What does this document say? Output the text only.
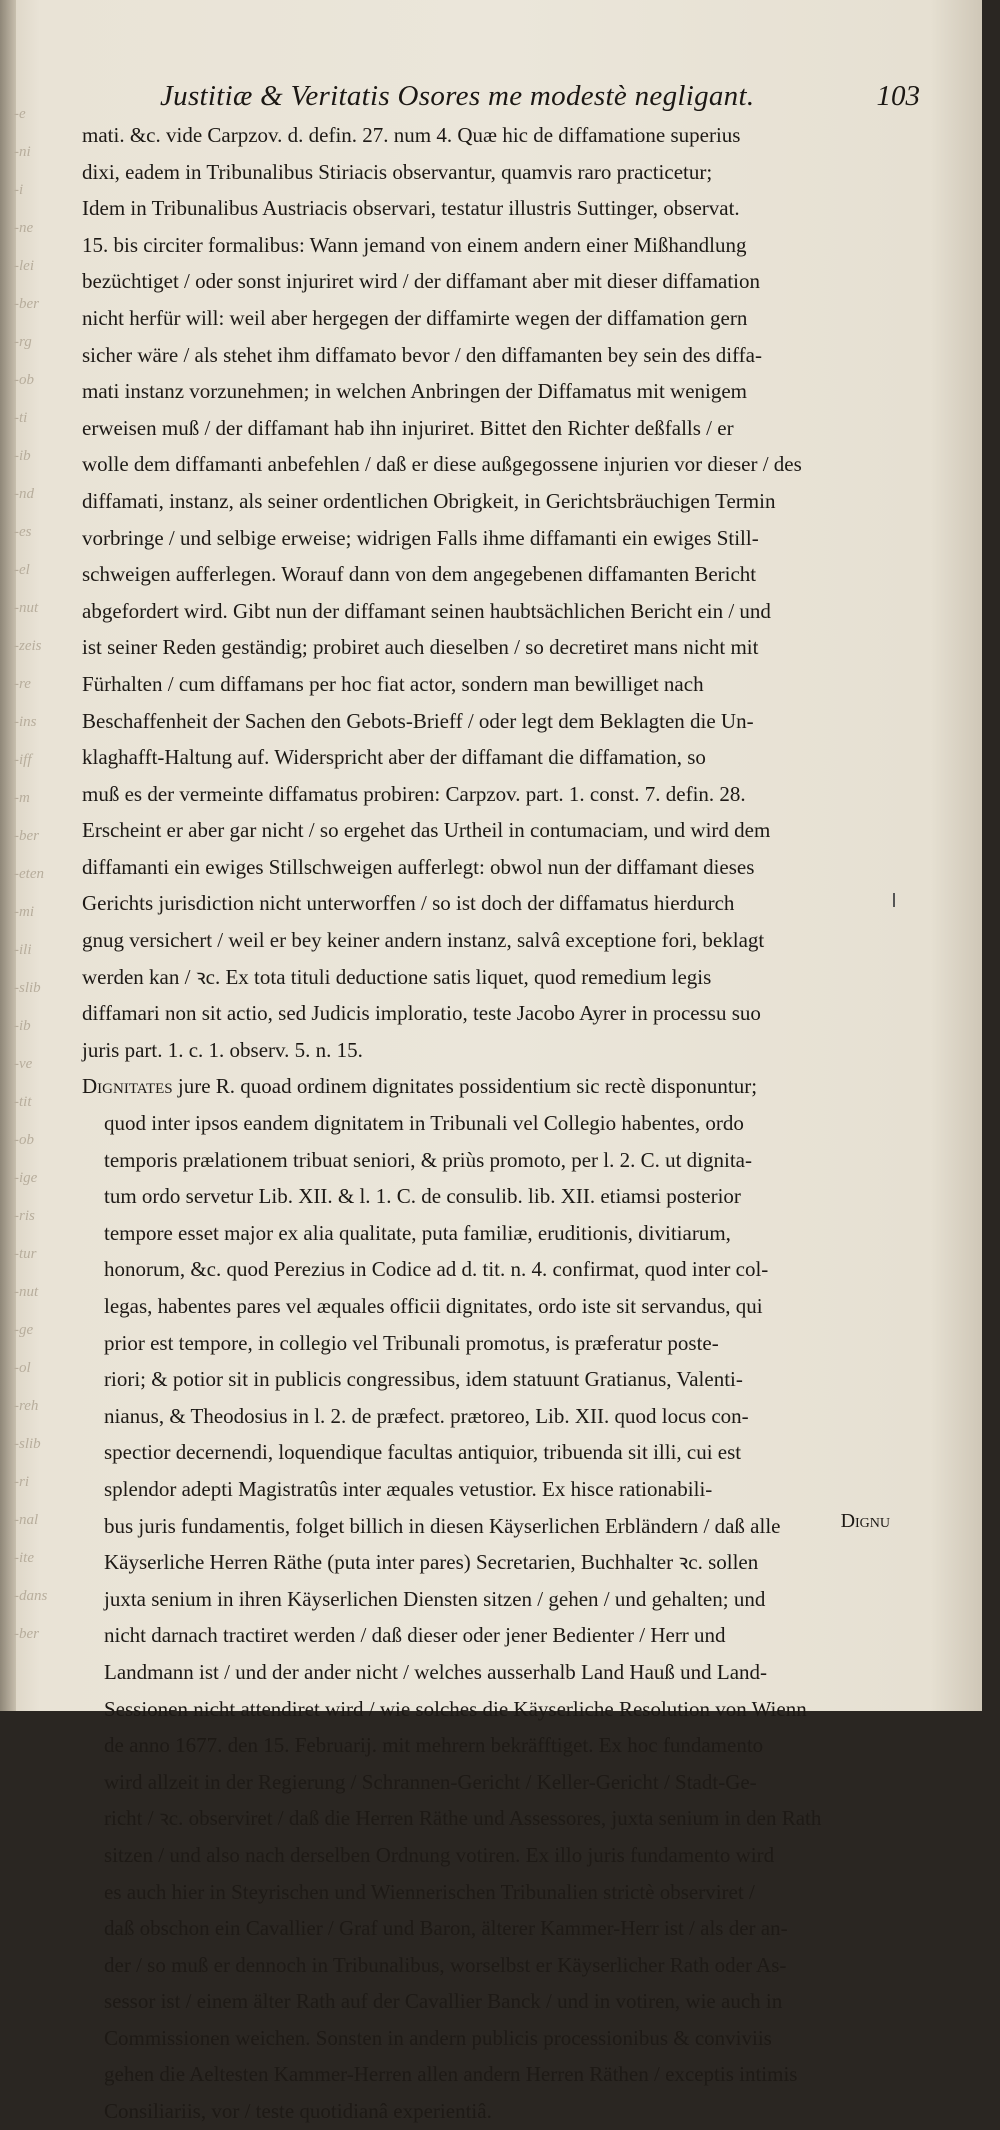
-e
-ni
-i
-ne
-lei
-ber
-rg
-ob
-ti
-ib
-nd
-es
-el
-nut
-zeis
-re
-ins
-iff
-m
-ber
-eten
-mi
-ili
-slib
-ib
-ve
-tit
-ob
-ige
-ris
-tur
-nut
-ge
-ol
-reh
-slib
-ri
-nal
-ite
-dans
-ber
Justitiæ & Veritatis Osores me modestè negligant.	103
mati. &c. vide Carpzov. d. defin. 27. num 4. Quæ hic de diffamatione superius
dixi, eadem in Tribunalibus Stiriacis observantur, quamvis raro practicetur;
Idem in Tribunalibus Austriacis observari, testatur illustris Suttinger, observat.
15. bis circiter formalibus: Wann jemand von einem andern einer Mißhandlung
bezüchtiget / oder sonst injuriret wird / der diffamant aber mit dieser diffamation
nicht herfür will: weil aber hergegen der diffamirte wegen der diffamation gern
sicher wäre / als stehet ihm diffamato bevor / den diffamanten bey sein des diffa-
mati instanz vorzunehmen; in welchen Anbringen der Diffamatus mit wenigem
erweisen muß / der diffamant hab ihn injuriret. Bittet den Richter deßfalls / er
wolle dem diffamanti anbefehlen / daß er diese außgegossene injurien vor dieser / des
diffamati, instanz, als seiner ordentlichen Obrigkeit, in Gerichtsbräuchigen Termin
vorbringe / und selbige erweise; widrigen Falls ihme diffamanti ein ewiges Still-
schweigen aufferlegen. Worauf dann von dem angegebenen diffamanten Bericht
abgefordert wird. Gibt nun der diffamant seinen haubtsächlichen Bericht ein / und
ist seiner Reden geständig; probiret auch dieselben / so decretiret mans nicht mit
Fürhalten / cum diffamans per hoc fiat actor, sondern man bewilliget nach
Beschaffenheit der Sachen den Gebots-Brieff / oder legt dem Beklagten die Un-
klaghafft-Haltung auf. Widerspricht aber der diffamant die diffamation, so
muß es der vermeinte diffamatus probiren: Carpzov. part. 1. const. 7. defin. 28.
Erscheint er aber gar nicht / so ergehet das Urtheil in contumaciam, und wird dem
diffamanti ein ewiges Stillschweigen aufferlegt: obwol nun der diffamant dieses
Gerichts jurisdiction nicht unterworffen / so ist doch der diffamatus hierdurch
gnug versichert / weil er bey keiner andern instanz, salvâ exceptione fori, beklagt
werden kan / ꝛc. Ex tota tituli deductione satis liquet, quod remedium legis
diffamari non sit actio, sed Judicis imploratio, teste Jacobo Ayrer in processu suo
juris part. 1. c. 1. observ. 5. n. 15.
Dignitates jure R. quoad ordinem dignitates possidentium sic rectè disponuntur;
quod inter ipsos eandem dignitatem in Tribunali vel Collegio habentes, ordo
temporis prælationem tribuat seniori, & priùs promoto, per l. 2. C. ut dignita-
tum ordo servetur Lib. XII. & l. 1. C. de consulib. lib. XII. etiamsi posterior
tempore esset major ex alia qualitate, puta familiæ, eruditionis, divitiarum,
honorum, &c. quod Perezius in Codice ad d. tit. n. 4. confirmat, quod inter col-
legas, habentes pares vel æquales officii dignitates, ordo iste sit servandus, qui
prior est tempore, in collegio vel Tribunali promotus, is præferatur poste-
riori; & potior sit in publicis congressibus, idem statuunt Gratianus, Valenti-
nianus, & Theodosius in l. 2. de præfect. prætoreo, Lib. XII. quod locus con-
spectior decernendi, loquendique facultas antiquior, tribuenda sit illi, cui est
splendor adepti Magistratûs inter æquales vetustior. Ex hisce rationabili-
bus juris fundamentis, folget billich in diesen Käyserlichen Erbländern / daß alle
Käyserliche Herren Räthe (puta inter pares) Secretarien, Buchhalter ꝛc. sollen
juxta senium in ihren Käyserlichen Diensten sitzen / gehen / und gehalten; und
nicht darnach tractiret werden / daß dieser oder jener Bedienter / Herr und
Landmann ist / und der ander nicht / welches ausserhalb Land Hauß und Land-
Sessionen nicht attendiret wird / wie solches die Käyserliche Resolution von Wienn
de anno 1677. den 15. Februarij. mit mehrern bekräfftiget. Ex hoc fundamento
wird allzeit in der Regierung / Schrannen-Gericht / Keller-Gericht / Stadt-Ge-
richt / ꝛc. observiret / daß die Herren Räthe und Assessores, juxta senium in den Rath
sitzen / und also nach derselben Ordnung votiren. Ex illo juris fundamento wird
es auch hier in Steyrischen und Wiennerischen Tribunalien strictè observiret /
daß obschon ein Cavallier / Graf und Baron, älterer Kammer-Herr ist / als der an-
der / so muß er dennoch in Tribunalibus, worselbst er Käyserlicher Rath oder As-
sessor ist / einem älter Rath auf der Cavallier Banck / und in votiren, wie auch in
Commissionen weichen. Sonsten in andern publicis processionibus & conviviis
gehen die Aeltesten Kammer-Herren allen andern Herren Räthen / exceptis intimis
Consiliariis, vor / teste quotidianâ experientiâ.
Dignu
